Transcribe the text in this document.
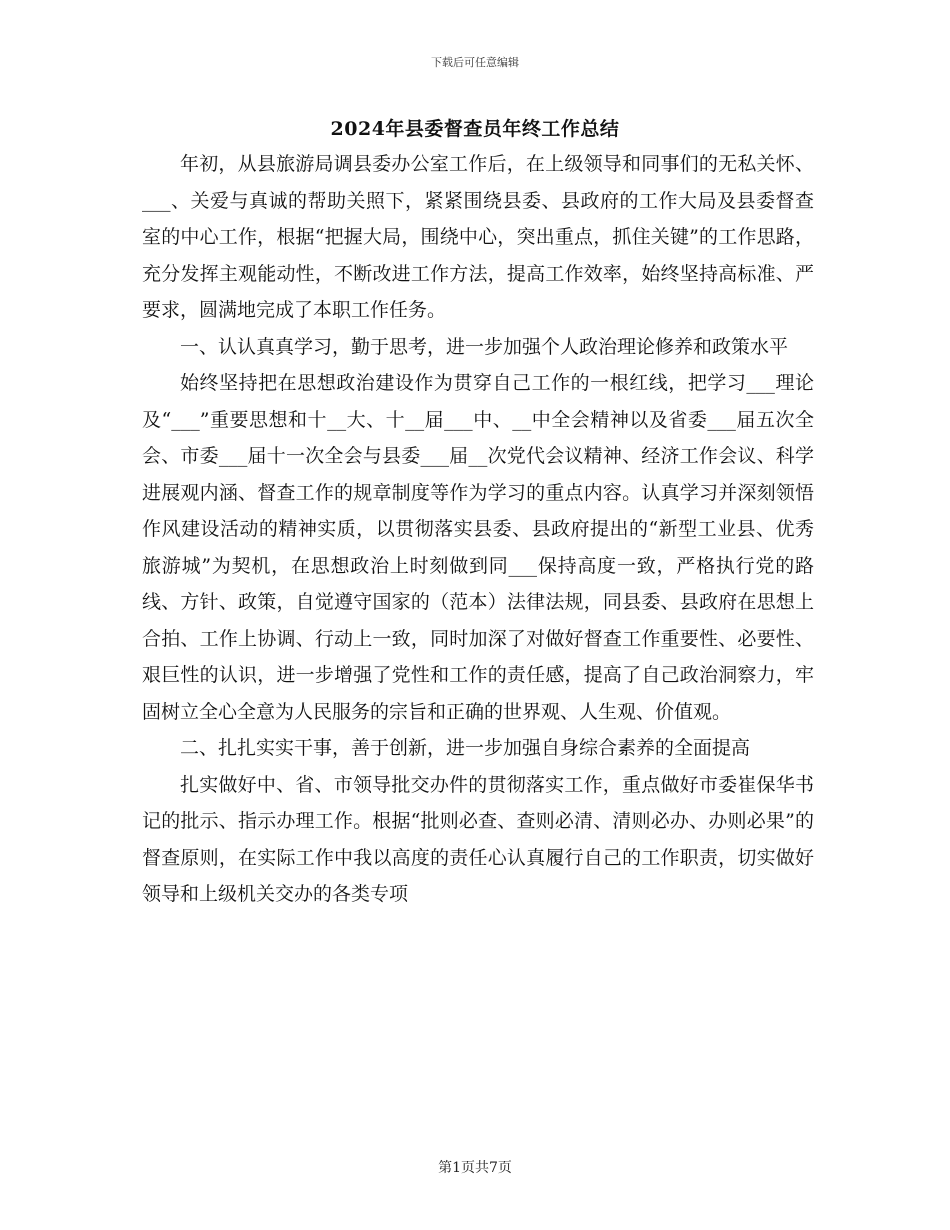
下载后可任意编辑
2024年县委督查员年终工作总结

年初，从县旅游局调县委办公室工作后，在上级领导和同事们的无私关怀、___、关爱与真诚的帮助关照下，紧紧围绕县委、县政府的工作大局及县委督查室的中心工作，根据“把握大局，围绕中心，突出重点，抓住关键”的工作思路，充分发挥主观能动性，不断改进工作方法，提高工作效率，始终坚持高标准、严要求，圆满地完成了本职工作任务。

一、认认真真学习，勤于思考，进一步加强个人政治理论修养和政策水平

始终坚持把在思想政治建设作为贯穿自己工作的一根红线，把学习___理论及“___”重要思想和十__大、十__届___中、__中全会精神以及省委___届五次全会、市委___届十一次全会与县委___届__次党代会议精神、经济工作会议、科学进展观内涵、督查工作的规章制度等作为学习的重点内容。认真学习并深刻领悟作风建设活动的精神实质，以贯彻落实县委、县政府提出的“新型工业县、优秀旅游城”为契机，在思想政治上时刻做到同___保持高度一致，严格执行党的路线、方针、政策，自觉遵守国家的（范本）法律法规，同县委、县政府在思想上合拍、工作上协调、行动上一致，同时加深了对做好督查工作重要性、必要性、艰巨性的认识，进一步增强了党性和工作的责任感，提高了自己政治洞察力，牢固树立全心全意为人民服务的宗旨和正确的世界观、人生观、价值观。

二、扎扎实实干事，善于创新，进一步加强自身综合素养的全面提高

扎实做好中、省、市领导批交办件的贯彻落实工作，重点做好市委崔保华书记的批示、指示办理工作。根据“批则必查、查则必清、清则必办、办则必果”的督查原则，在实际工作中我以高度的责任心认真履行自己的工作职责，切实做好领导和上级机关交办的各类专项

第1页共7页
